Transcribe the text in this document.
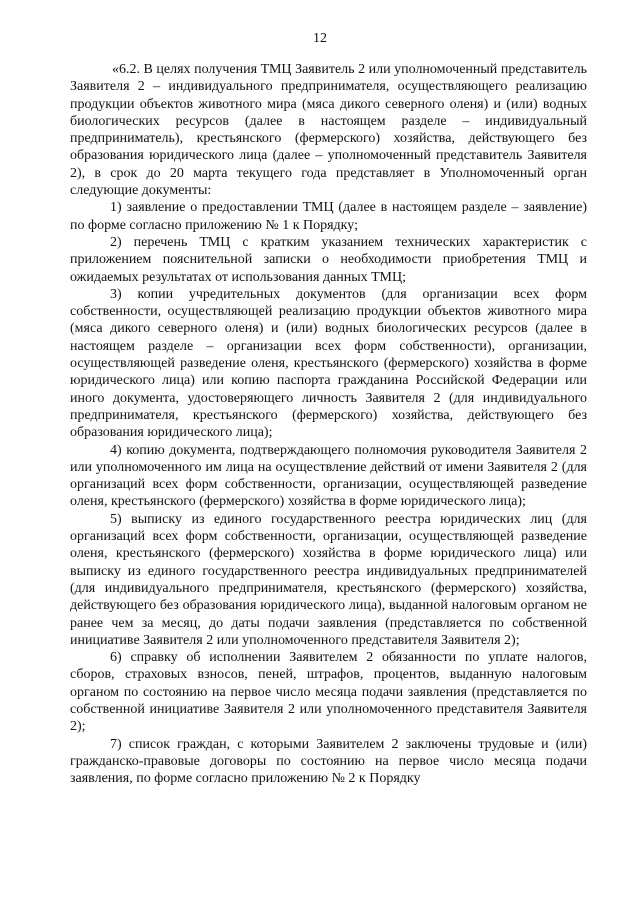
12

«6.2. В целях получения ТМЦ Заявитель 2 или уполномоченный представитель Заявителя 2 – индивидуального предпринимателя, осуществляющего реализацию продукции объектов животного мира (мяса дикого северного оленя) и (или) водных биологических ресурсов (далее в настоящем разделе – индивидуальный предприниматель), крестьянского (фермерского) хозяйства, действующего без образования юридического лица (далее – уполномоченный представитель Заявителя 2), в срок до 20 марта текущего года представляет в Уполномоченный орган следующие документы:

1) заявление о предоставлении ТМЦ (далее в настоящем разделе – заявление) по форме согласно приложению № 1 к Порядку;

2) перечень ТМЦ с кратким указанием технических характеристик с приложением пояснительной записки о необходимости приобретения ТМЦ и ожидаемых результатах от использования данных ТМЦ;

3) копии учредительных документов (для организации всех форм собственности, осуществляющей реализацию продукции объектов животного мира (мяса дикого северного оленя) и (или) водных биологических ресурсов (далее в настоящем разделе – организации всех форм собственности), организации, осуществляющей разведение оленя, крестьянского (фермерского) хозяйства в форме юридического лица) или копию паспорта гражданина Российской Федерации или иного документа, удостоверяющего личность Заявителя 2 (для индивидуального предпринимателя, крестьянского (фермерского) хозяйства, действующего без образования юридического лица);

4) копию документа, подтверждающего полномочия руководителя Заявителя 2 или уполномоченного им лица на осуществление действий от имени Заявителя 2 (для организаций всех форм собственности, организации, осуществляющей разведение оленя, крестьянского (фермерского) хозяйства в форме юридического лица);

5) выписку из единого государственного реестра юридических лиц (для организаций всех форм собственности, организации, осуществляющей разведение оленя, крестьянского (фермерского) хозяйства в форме юридического лица) или выписку из единого государственного реестра индивидуальных предпринимателей (для индивидуального предпринимателя, крестьянского (фермерского) хозяйства, действующего без образования юридического лица), выданной налоговым органом не ранее чем за месяц, до даты подачи заявления (представляется по собственной инициативе Заявителя 2 или уполномоченного представителя Заявителя 2);

6) справку об исполнении Заявителем 2 обязанности по уплате налогов, сборов, страховых взносов, пеней, штрафов, процентов, выданную налоговым органом по состоянию на первое число месяца подачи заявления (представляется по собственной инициативе Заявителя 2 или уполномоченного представителя Заявителя 2);

7) список граждан, с которыми Заявителем 2 заключены трудовые и (или) гражданско-правовые договоры по состоянию на первое число месяца подачи заявления, по форме согласно приложению № 2 к Порядку
